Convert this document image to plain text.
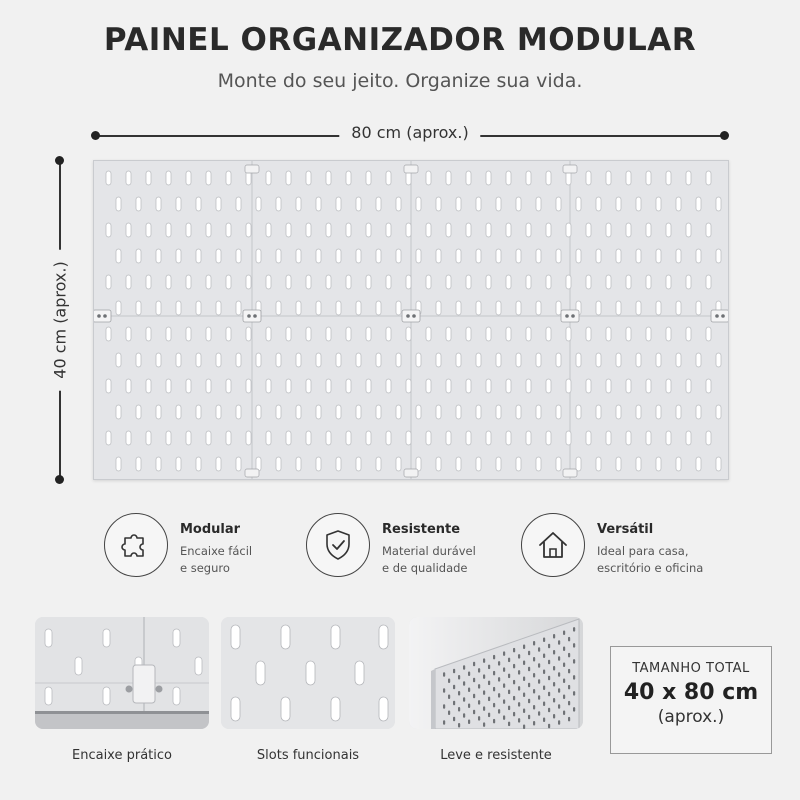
PAINEL ORGANIZADOR MODULAR
Monte do seu jeito. Organize sua vida.
80 cm (aprox.)
40 cm (aprox.)
Modular
Encaixe fácil
e seguro
Resistente
Material durável
e de qualidade
Versátil
Ideal para casa,
escritório e oficina
Encaixe prático	Slots funcionais	Leve e resistente
TAMANHO TOTAL
40 x 80 cm
(aprox.)
